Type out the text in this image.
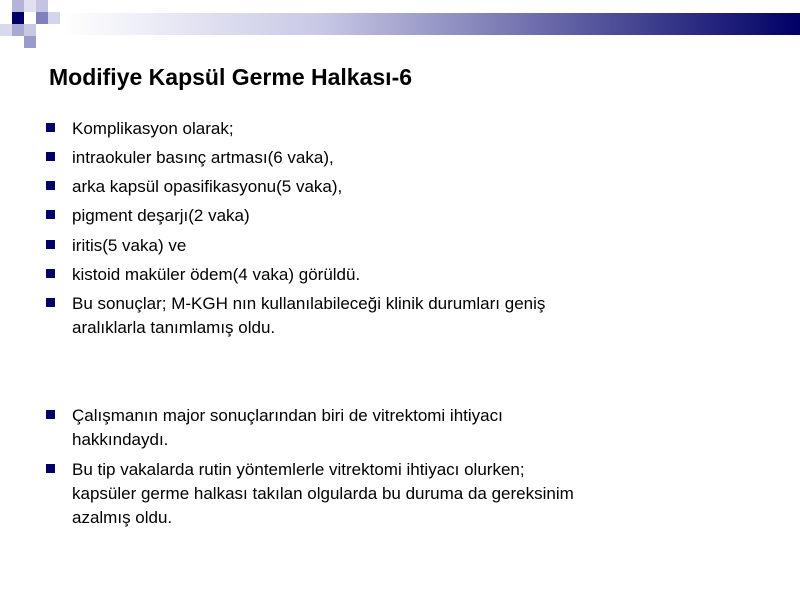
Modifiye Kapsül Germe Halkası-6
Komplikasyon olarak;
intraokuler basınç artması(6 vaka),
arka kapsül opasifikasyonu(5 vaka),
pigment deşarjı(2 vaka)
iritis(5 vaka) ve
kistoid maküler ödem(4 vaka) görüldü.
Bu sonuçlar; M-KGH nın kullanılabileceği klinik durumları geniş
aralıklarla tanımlamış oldu.
Çalışmanın major sonuçlarından biri de vitrektomi ihtiyacı
hakkındaydı.
Bu tip vakalarda rutin yöntemlerle vitrektomi ihtiyacı olurken;
kapsüler germe halkası takılan olgularda bu duruma da gereksinim
azalmış oldu.
